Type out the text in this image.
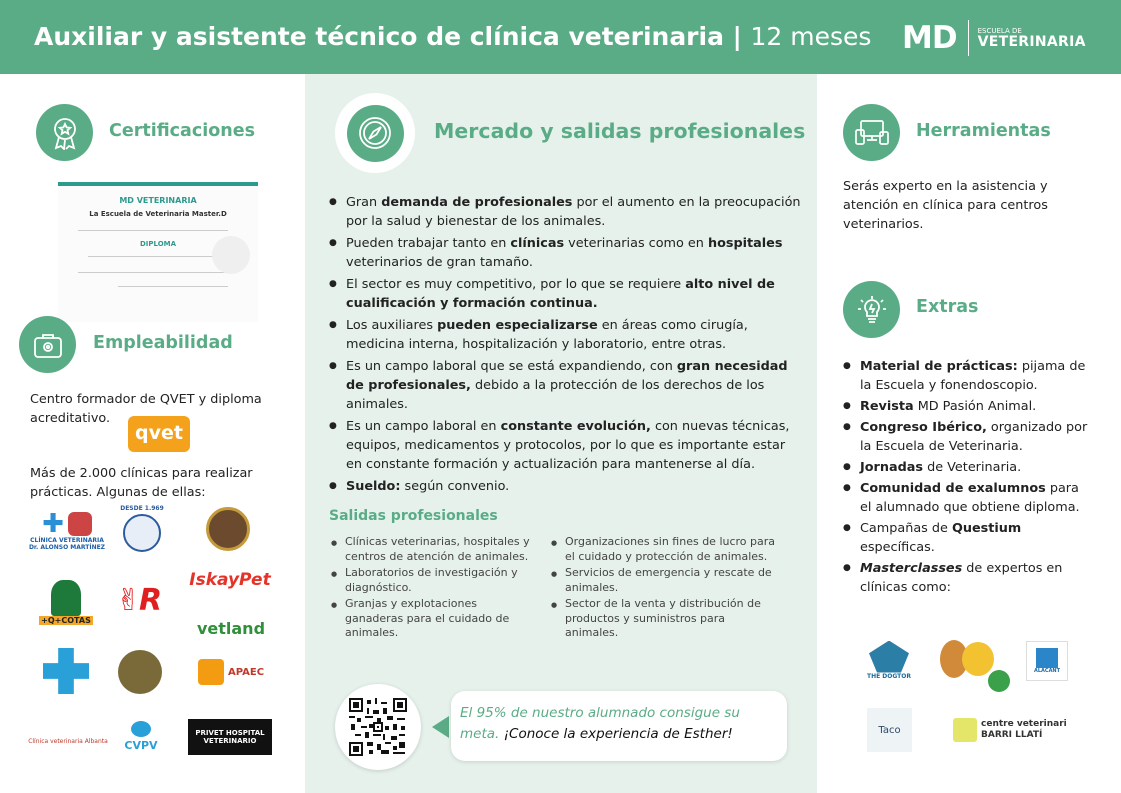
Auxiliar y asistente técnico de clínica veterinaria | 12 meses MD	ESCUELA DE
VETERINARIA
Certificaciones
MD VETERINARIA
La Escuela de Veterinaria Master.D
DIPLOMA
Empleabilidad
Centro formador de QVET y diploma acreditativo.
qvet
Más de 2.000 clínicas para realizar prácticas. Algunas de ellas:
✚
CLÍNICA VETERINARIA Dr. ALONSO MARTÍNEZ
DESDE 1.969
+Q+COTAS
✌R
IskayPet
vetland
APAEC
Clínica veterinaria Albanta CVPV
PRIVET HOSPITAL VETERINARIO
Mercado y salidas profesionales
● Gran demanda de profesionales por el aumento en la preocupación por la salud y bienestar de los animales.
● Pueden trabajar tanto en clínicas veterinarias como en hospitales veterinarios de gran tamaño.
● El sector es muy competitivo, por lo que se requiere alto nivel de cualificación y formación continua.
● Los auxiliares pueden especializarse en áreas como cirugía, medicina interna, hospitalización y laboratorio, entre otras.
● Es un campo laboral que se está expandiendo, con gran necesidad de profesionales, debido a la protección de los derechos de los animales.
● Es un campo laboral en constante evolución, con nuevas técnicas, equipos, medicamentos y protocolos, por lo que es importante estar en constante formación y actualización para mantenerse al día.
● Sueldo: según convenio.
Salidas profesionales
● Clínicas veterinarias, hospitales y centros de atención de animales.
● Laboratorios de investigación y diagnóstico.
● Granjas y explotaciones ganaderas para el cuidado de animales.
● Organizaciones sin fines de lucro para el cuidado y protección de animales.
● Servicios de emergencia y rescate de animales.
● Sector de la venta y distribución de productos y suministros para animales.
El 95% de nuestro alumnado consigue su meta. ¡Conoce la experiencia de Esther!
Herramientas
Serás experto en la asistencia y atención en clínica para centros veterinarios.
Extras
● Material de prácticas: pijama de la Escuela y fonendoscopio.
● Revista MD Pasión Animal.
● Congreso Ibérico, organizado por la Escuela de Veterinaria.
● Jornadas de Veterinaria.
● Comunidad de exalumnos para el alumnado que obtiene diploma.
● Campañas de Questium específicas.
● Masterclasses de expertos en clínicas como:
THE DOGTOR
ALACANT
Taco
centre veterinari BARRI LLATÍ
